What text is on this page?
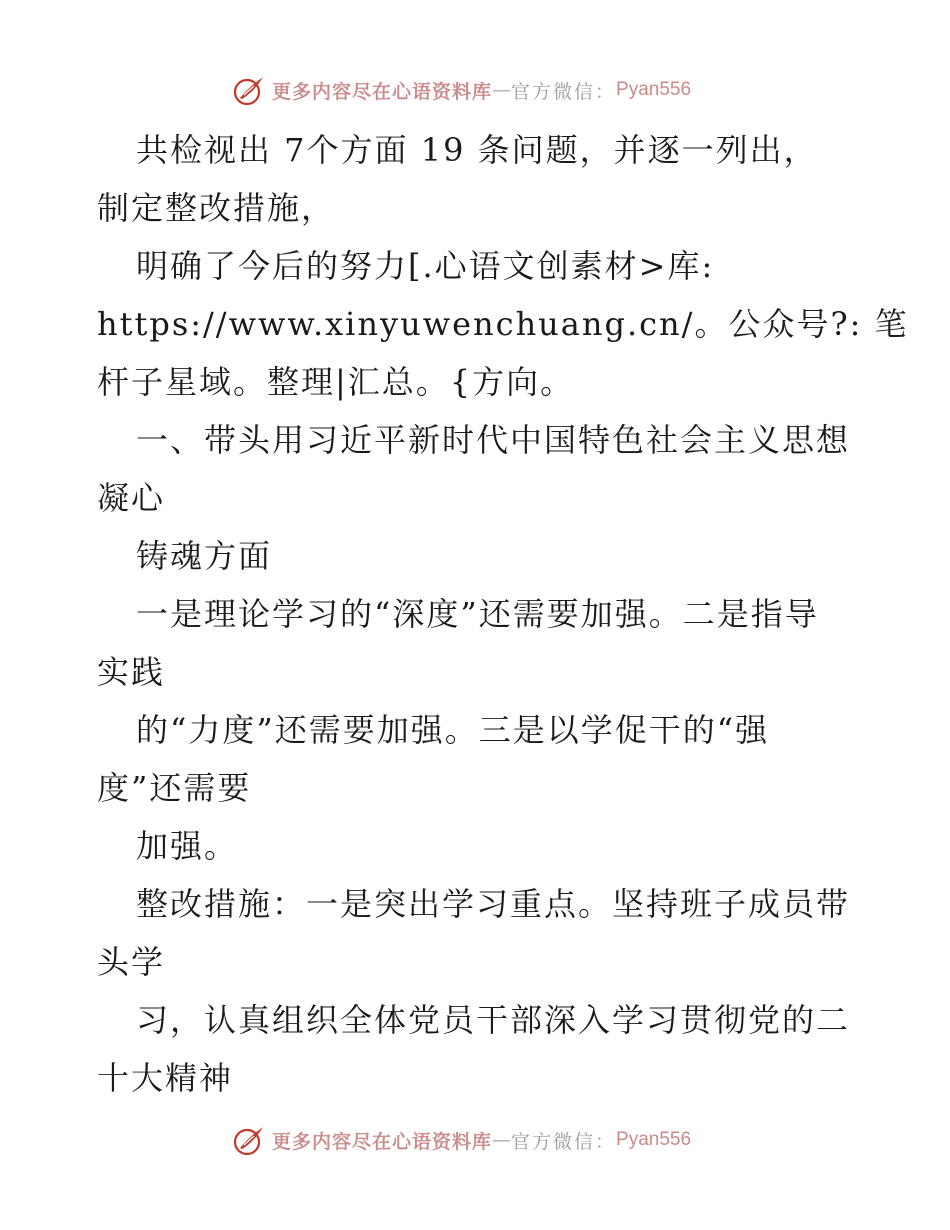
更多内容尽在心语资料库 — 官方微信： Pyan556
共检视出 7个方面 19 条问题，并逐一列出，
制定整改措施，
明确了今后的努力[.心语文创素材>库:
https://www.xinyuwenchuang.cn/。公众号?: 笔
杆子星域。整理|汇总。{方向。
一、带头用习近平新时代中国特色社会主义思想
凝心
铸魂方面
一是理论学习的“深度”还需要加强。二是指导
实践
的“力度”还需要加强。三是以学促干的“强
度”还需要
加强。
整改措施：一是突出学习重点。坚持班子成员带
头学
习，认真组织全体党员干部深入学习贯彻党的二
十大精神
更多内容尽在心语资料库 — 官方微信： Pyan556
